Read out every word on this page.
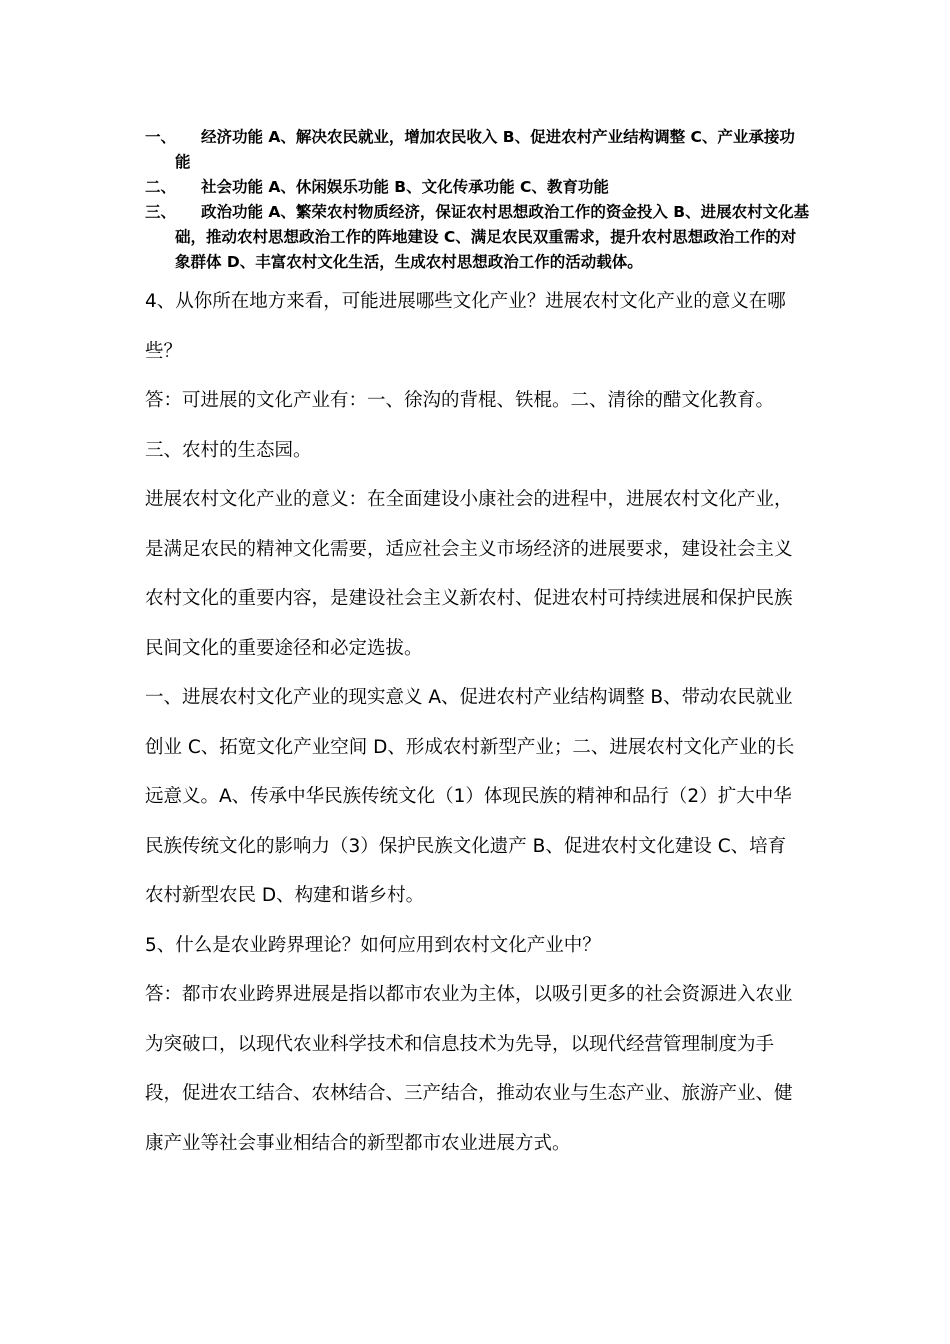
一、	经济功能 A、解决农民就业，增加农民收入 B、促进农村产业结构调整 C、产业承接功能
二、	社会功能 A、休闲娱乐功能 B、文化传承功能 C、教育功能
三、	政治功能 A、繁荣农村物质经济，保证农村思想政治工作的资金投入 B、进展农村文化基础，推动农村思想政治工作的阵地建设 C、满足农民双重需求，提升农村思想政治工作的对象群体 D、丰富农村文化生活，生成农村思想政治工作的活动载体。

4、从你所在地方来看，可能进展哪些文化产业？进展农村文化产业的意义在哪些？

答：可进展的文化产业有：一、徐沟的背棍、铁棍。二、清徐的醋文化教育。

三、农村的生态园。

进展农村文化产业的意义：在全面建设小康社会的进程中，进展农村文化产业，是满足农民的精神文化需要，适应社会主义市场经济的进展要求，建设社会主义农村文化的重要内容，是建设社会主义新农村、促进农村可持续进展和保护民族民间文化的重要途径和必定选拔。

一、进展农村文化产业的现实意义 A、促进农村产业结构调整 B、带动农民就业创业 C、拓宽文化产业空间 D、形成农村新型产业；二、进展农村文化产业的长远意义。A、传承中华民族传统文化（1）体现民族的精神和品行（2）扩大中华民族传统文化的影响力（3）保护民族文化遗产 B、促进农村文化建设 C、培育农村新型农民 D、构建和谐乡村。

5、什么是农业跨界理论？如何应用到农村文化产业中？

答：都市农业跨界进展是指以都市农业为主体，以吸引更多的社会资源进入农业为突破口，以现代农业科学技术和信息技术为先导，以现代经营管理制度为手段，促进农工结合、农林结合、三产结合，推动农业与生态产业、旅游产业、健康产业等社会事业相结合的新型都市农业进展方式。
